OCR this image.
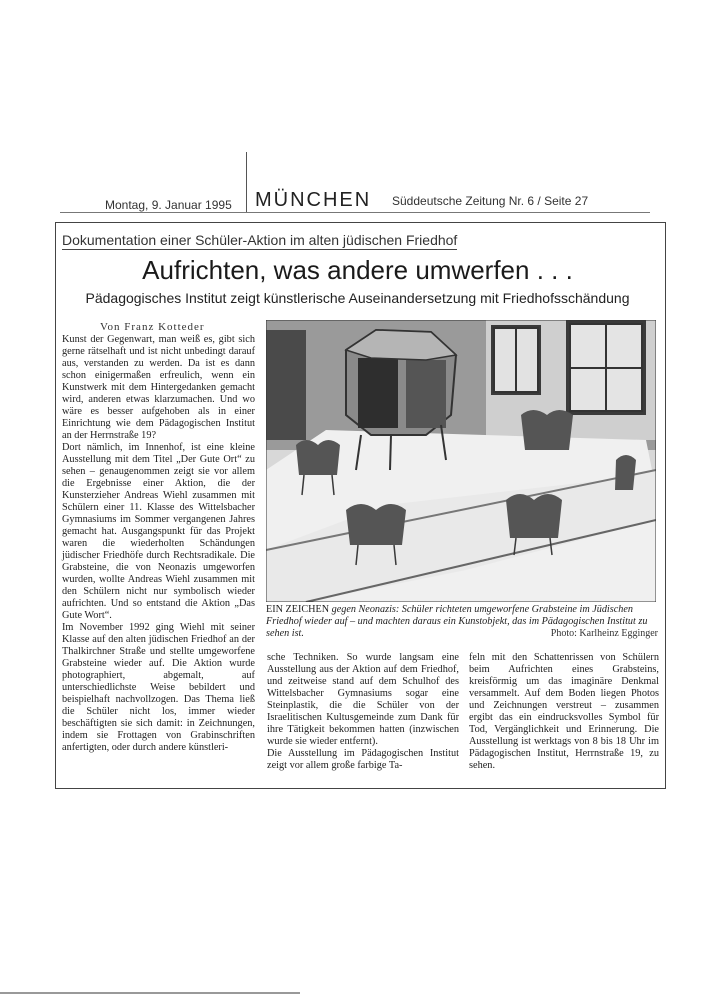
Montag, 9. Januar 1995 MÜNCHEN Süddeutsche Zeitung Nr. 6 / Seite 27
Dokumentation einer Schüler-Aktion im alten jüdischen Friedhof
Aufrichten, was andere umwerfen . . .
Pädagogisches Institut zeigt künstlerische Auseinandersetzung mit Friedhofsschändung
Von Franz Kotteder

Kunst der Gegenwart, man weiß es, gibt sich gerne rätselhaft und ist nicht unbedingt darauf aus, verstanden zu werden. Da ist es dann schon einigermaßen erfreulich, wenn ein Kunstwerk mit dem Hintergedanken gemacht wird, anderen etwas klarzumachen. Und wo wäre es besser aufgehoben als in einer Einrichtung wie dem Pädagogischen Institut an der Herrnstraße 19?

Dort nämlich, im Innenhof, ist eine kleine Ausstellung mit dem Titel „Der Gute Ort“ zu sehen – genaugenommen zeigt sie vor allem die Ergebnisse einer Aktion, die der Kunsterzieher Andreas Wiehl zusammen mit Schülern einer 11. Klasse des Wittelsbacher Gymnasiums im Sommer vergangenen Jahres gemacht hat. Ausgangspunkt für das Projekt waren die wiederholten Schändungen jüdischer Friedhöfe durch Rechtsradikale. Die Grabsteine, die von Neonazis umgeworfen wurden, wollte Andreas Wiehl zusammen mit den Schülern nicht nur symbolisch wieder aufrichten. Und so entstand die Aktion „Das Gute Wort“.

Im November 1992 ging Wiehl mit seiner Klasse auf den alten jüdischen Friedhof an der Thalkirchner Straße und stellte umgeworfene Grabsteine wieder auf. Die Aktion wurde photographiert, abgemalt, auf unterschiedlichste Weise bebildert und beispielhaft nachvollzogen. Das Thema ließ die Schüler nicht los, immer wieder beschäftigten sie sich damit: in Zeichnungen, indem sie Frottagen von Grabinschriften anfertigten, oder durch andere künstleri-

EIN ZEICHEN gegen Neonazis: Schüler richteten umgeworfene Grabsteine im Jüdischen Friedhof wieder auf – und machten daraus ein Kunstobjekt, das im Pädagogischen Institut zu sehen ist.	Photo: Karlheinz Egginger

sche Techniken. So wurde langsam eine Ausstellung aus der Aktion auf dem Friedhof, und zeitweise stand auf dem Schulhof des Wittelsbacher Gymnasiums sogar eine Steinplastik, die die Schüler von der Israelitischen Kultusgemeinde zum Dank für ihre Tätigkeit bekommen hatten (inzwischen wurde sie wieder entfernt).

Die Ausstellung im Pädagogischen Institut zeigt vor allem große farbige Ta-

feln mit den Schattenrissen von Schülern beim Aufrichten eines Grabsteins, kreisförmig um das imaginäre Denkmal versammelt. Auf dem Boden liegen Photos und Zeichnungen verstreut – zusammen ergibt das ein eindrucksvolles Symbol für Tod, Vergänglichkeit und Erinnerung. Die Ausstellung ist werktags von 8 bis 18 Uhr im Pädagogischen Institut, Herrnstraße 19, zu sehen.
